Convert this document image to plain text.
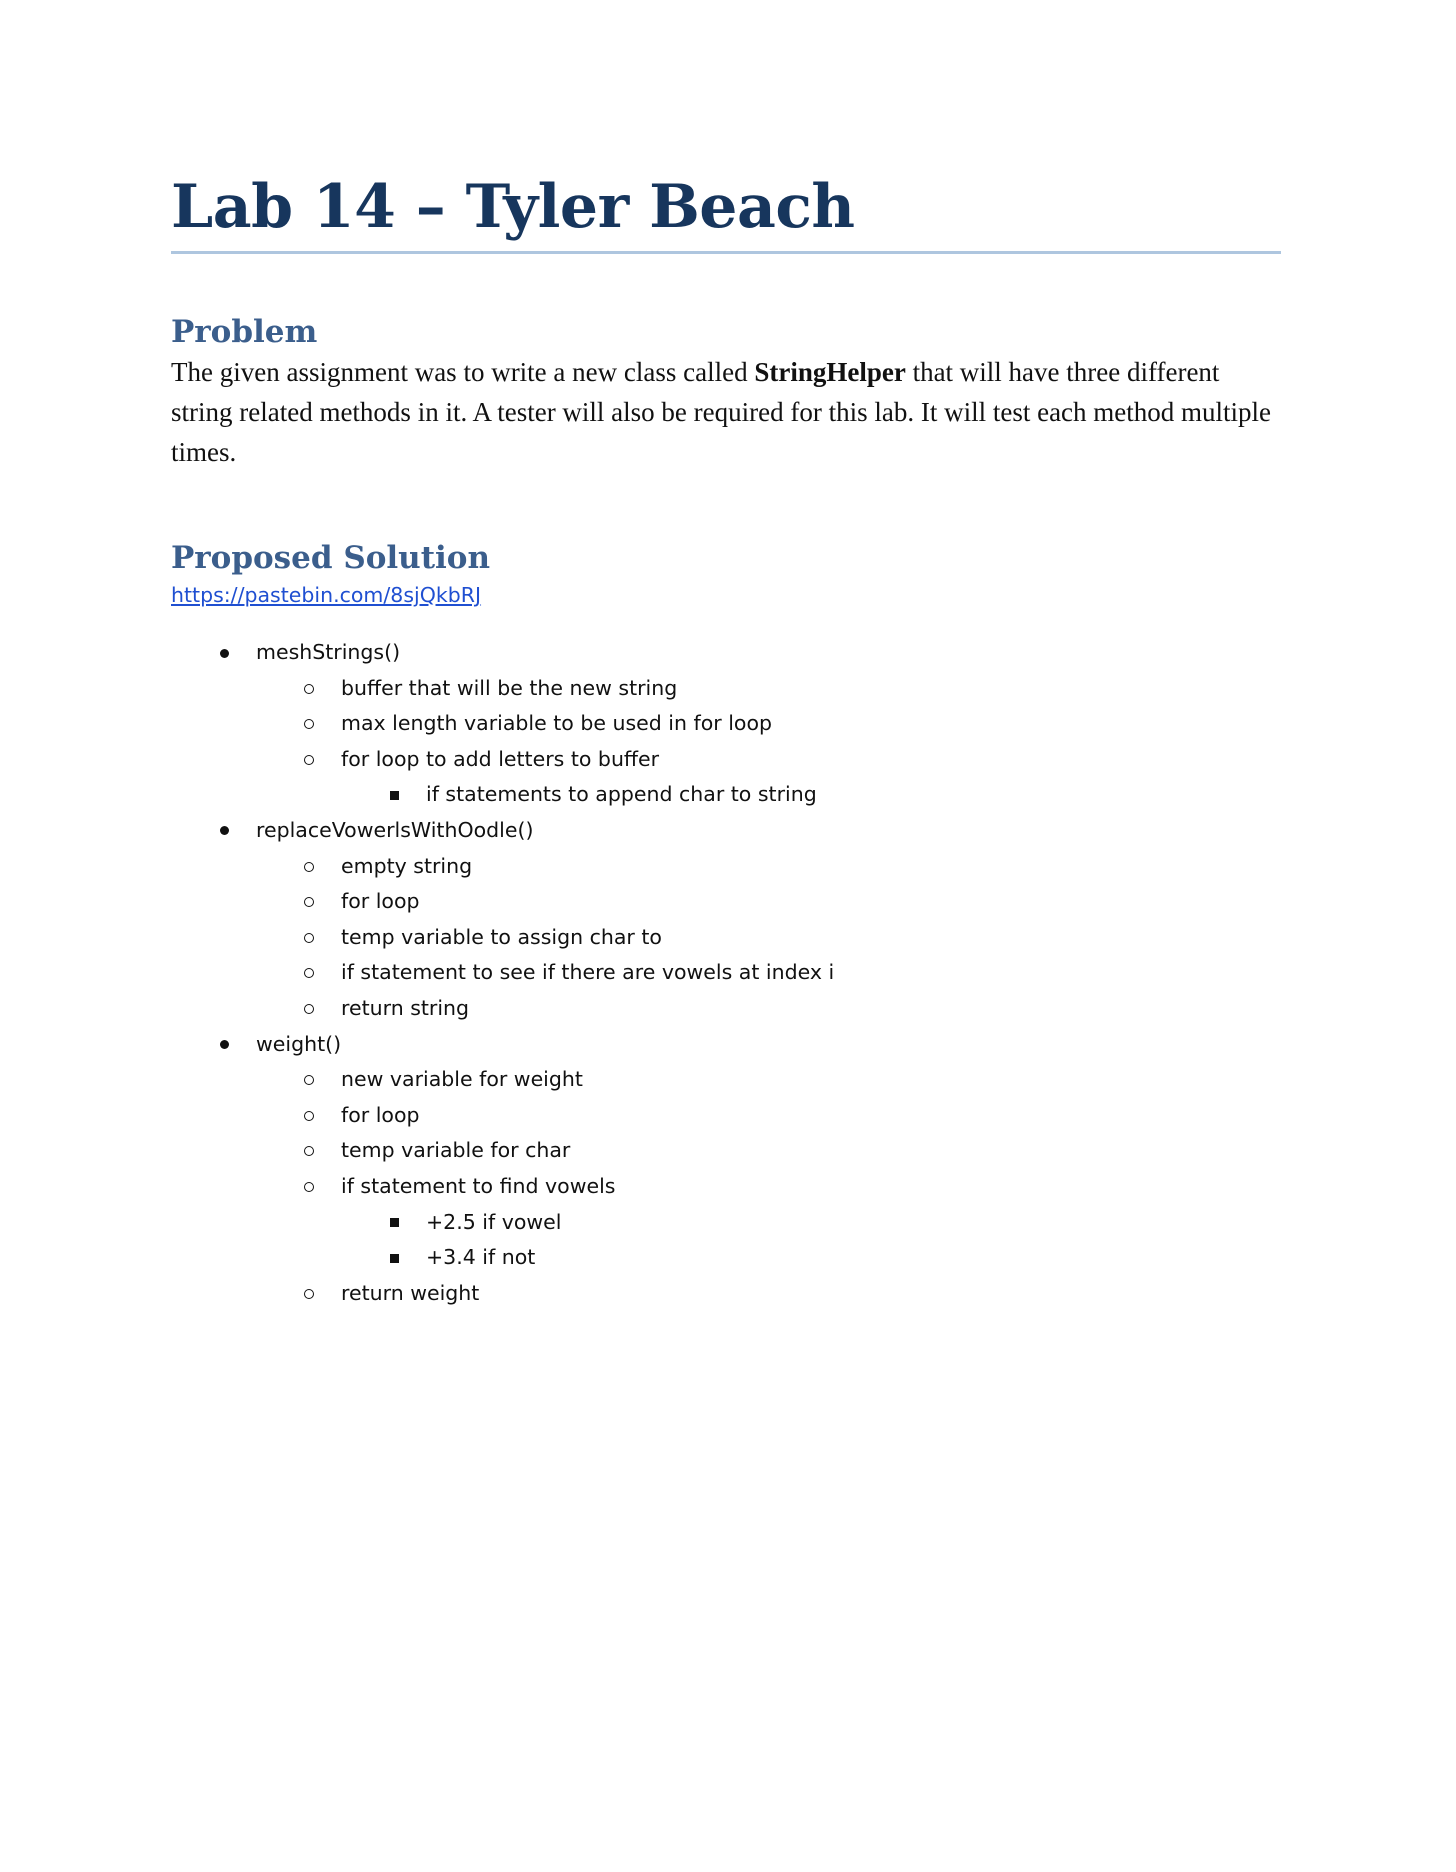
Lab 14 – Tyler Beach
Problem

The given assignment was to write a new class called StringHelper that will have three different string related methods in it. A tester will also be required for this lab. It will test each method multiple times.

Proposed Solution
https://pastebin.com/8sjQkbRJ
meshStrings()
buffer that will be the new string
max length variable to be used in for loop
for loop to add letters to buffer
if statements to append char to string
replaceVowerlsWithOodle()
empty string
for loop
temp variable to assign char to
if statement to see if there are vowels at index i
return string
weight()
new variable for weight
for loop
temp variable for char
if statement to find vowels
+2.5 if vowel
+3.4 if not
return weight
